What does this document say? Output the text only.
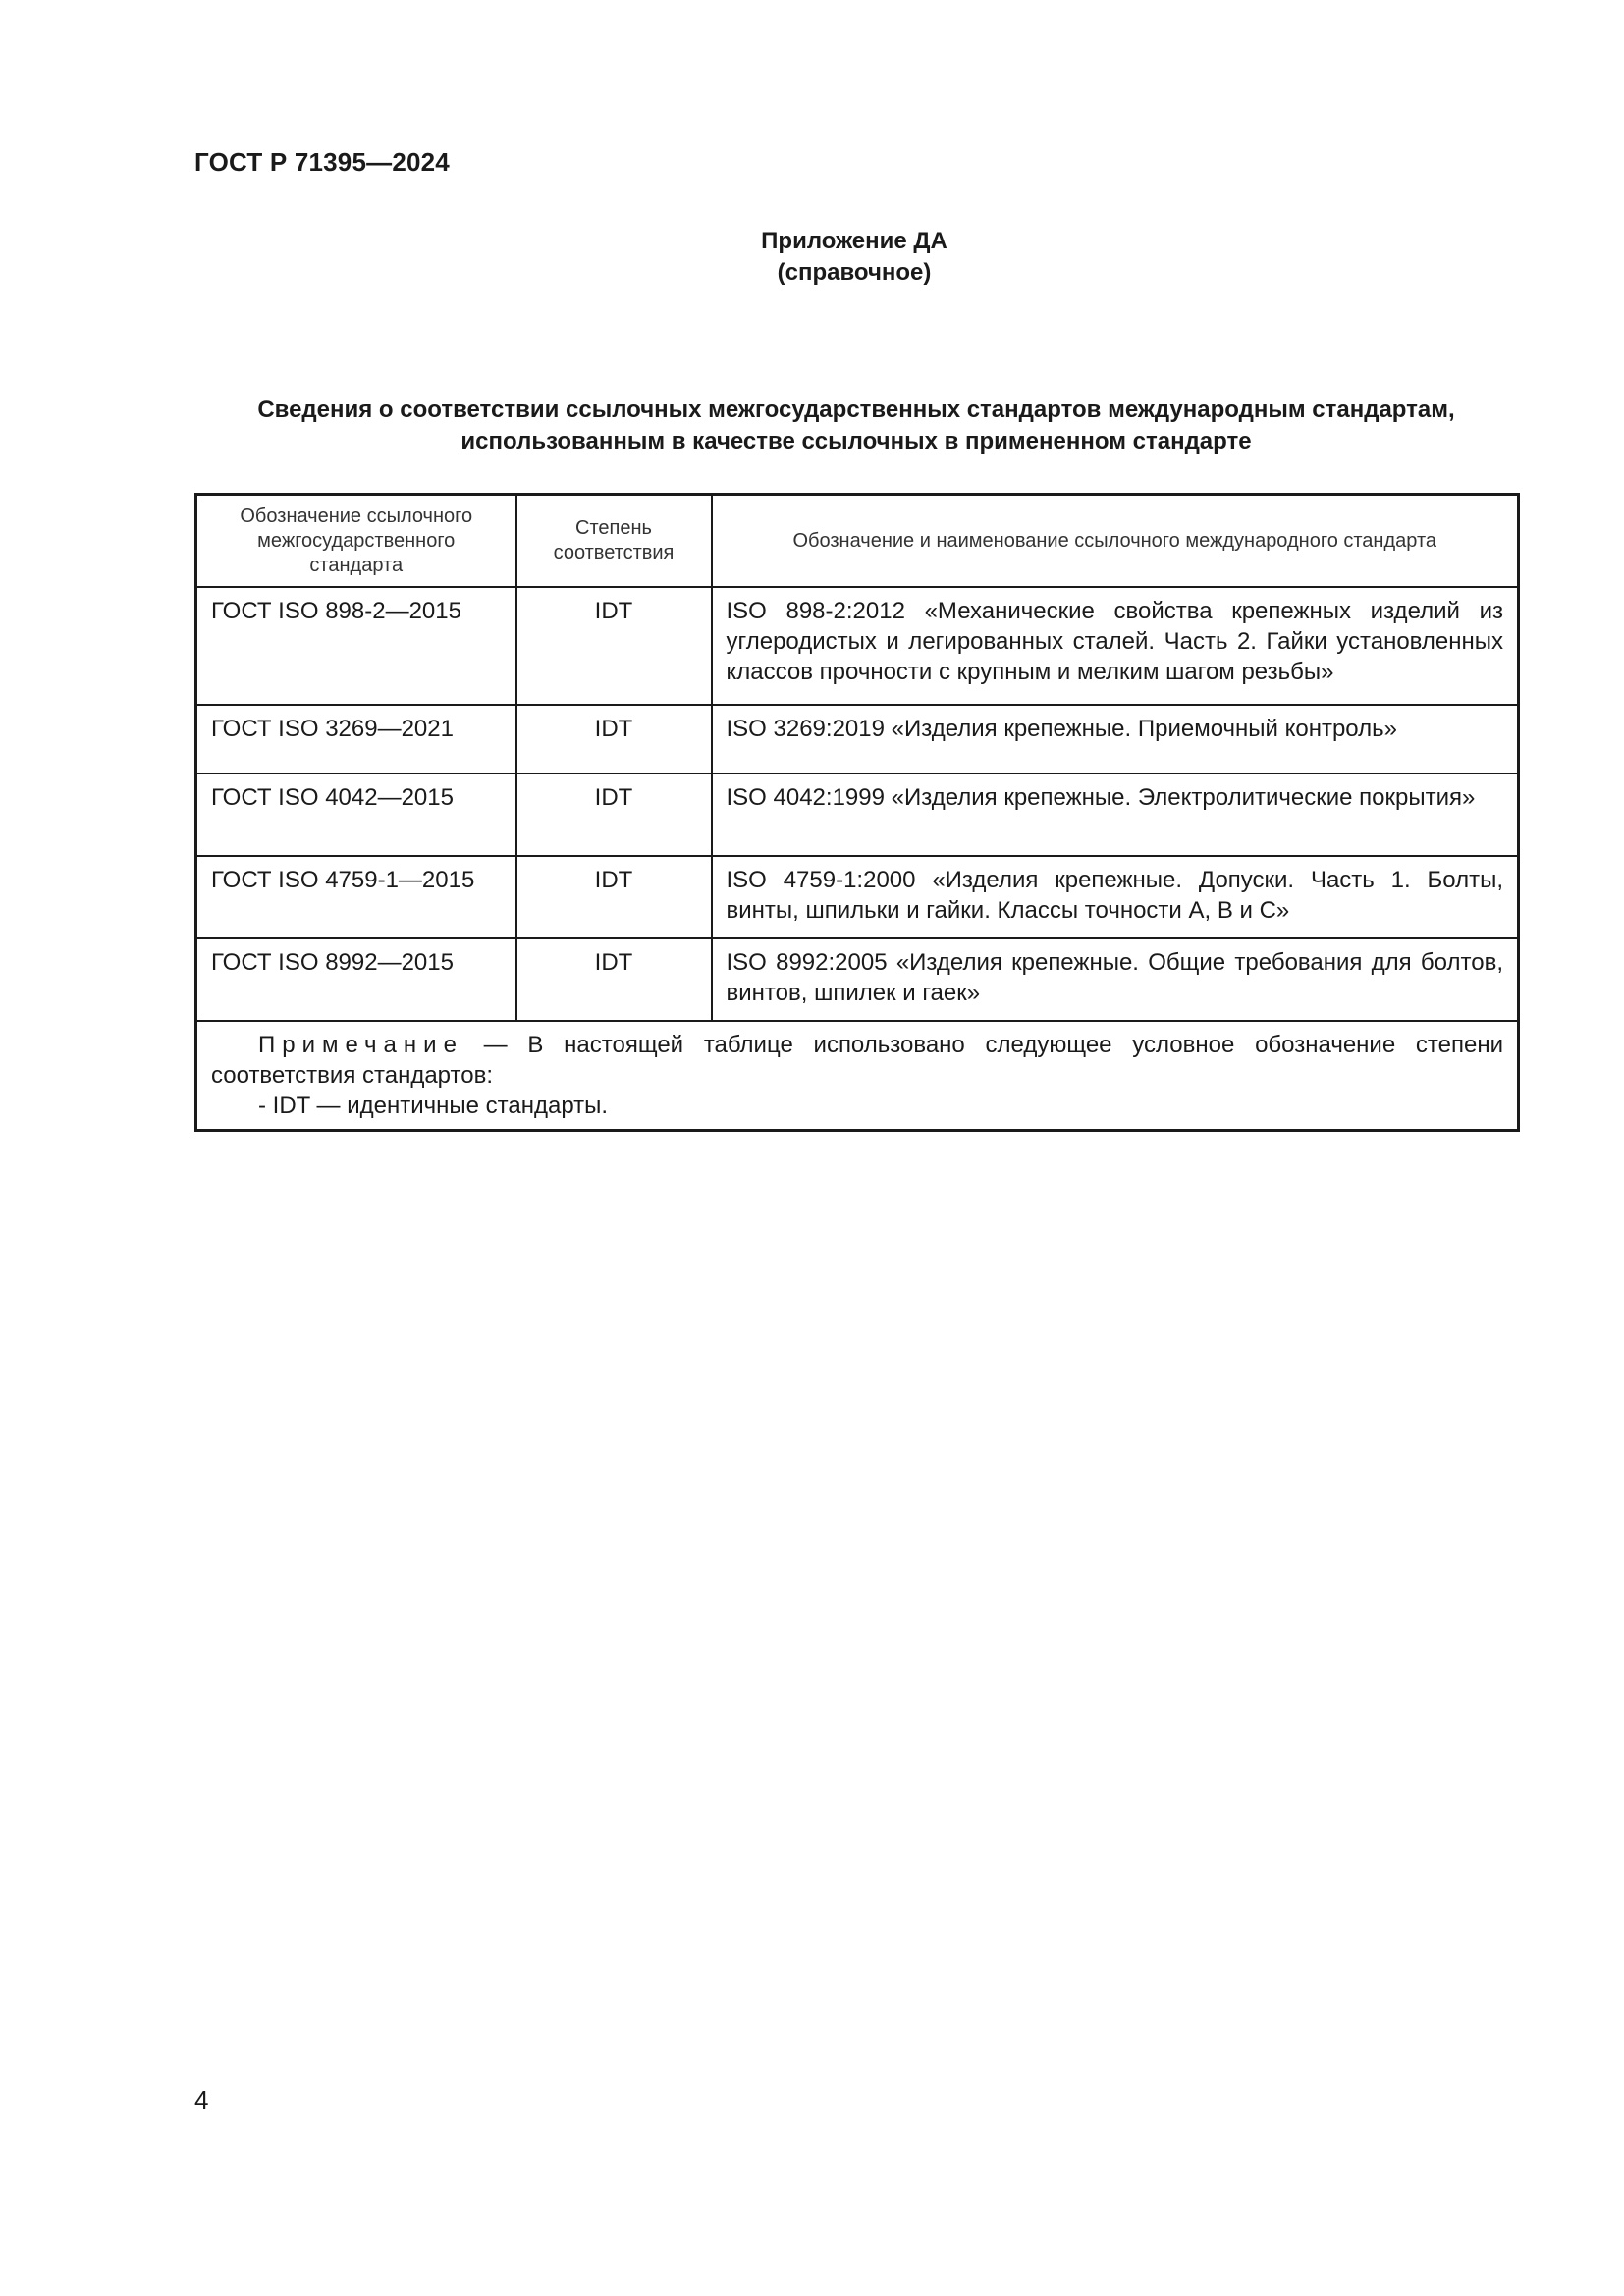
ГОСТ Р 71395—2024
Приложение ДА
(справочное)
Сведения о соответствии ссылочных межгосударственных стандартов международным стандартам,
использованным в качестве ссылочных в примененном стандарте
Обозначение ссылочного межгосударственного стандарта	Степень соответствия	Обозначение и наименование ссылочного международного стандарта
ГОСТ ISO 898-2—2015	IDT	ISO 898-2:2012 «Механические свойства крепежных изделий из углеродистых и легированных сталей. Часть 2. Гайки установленных классов прочности с крупным и мелким шагом резьбы»
ГОСТ ISO 3269—2021	IDT	ISO 3269:2019 «Изделия крепежные. Приемочный контроль»
ГОСТ ISO 4042—2015	IDT	ISO 4042:1999 «Изделия крепежные. Электролитические покрытия»
ГОСТ ISO 4759-1—2015	IDT	ISO 4759-1:2000 «Изделия крепежные. Допуски. Часть 1. Болты, винты, шпильки и гайки. Классы точности А, В и С»
ГОСТ ISO 8992—2015	IDT	ISO 8992:2005 «Изделия крепежные. Общие требования для болтов, винтов, шпилек и гаек»

  Примечание — В настоящей таблице использовано следующее условное обозначение степени соответствия стандартов:
- IDT — идентичные стандарты.		
4
